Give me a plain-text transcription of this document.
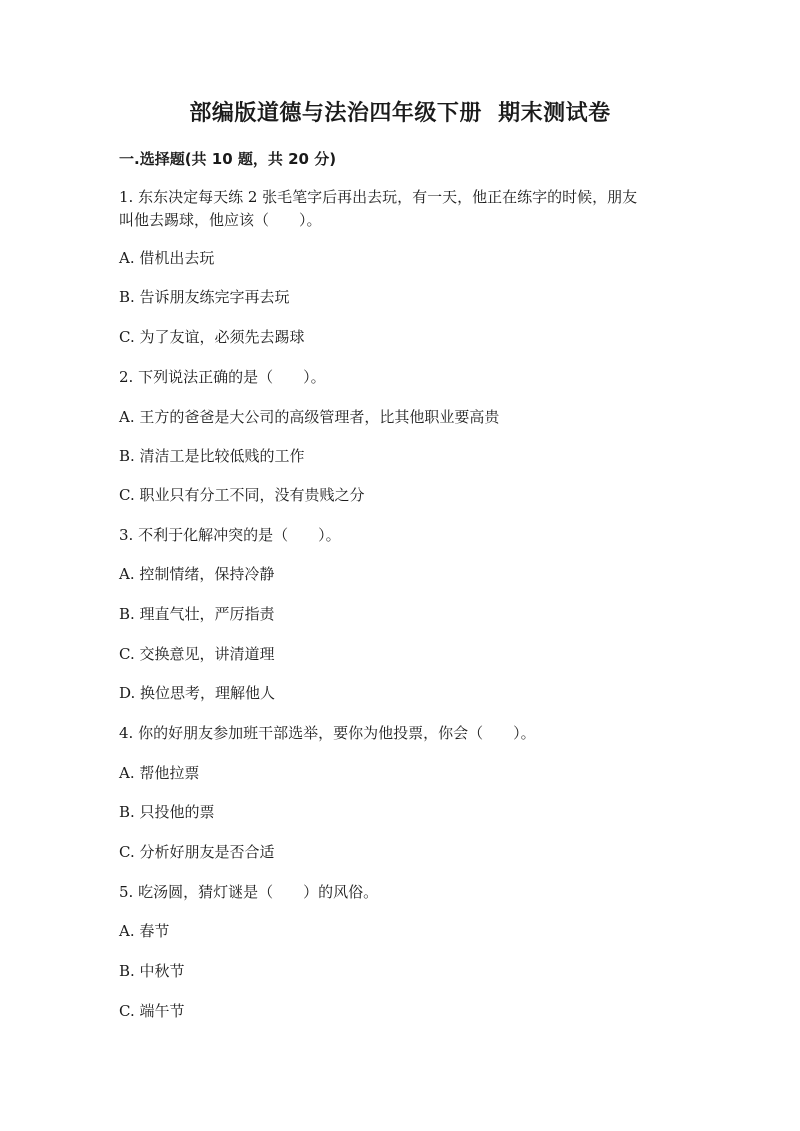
部编版道德与法治四年级下册  期末测试卷
一.选择题(共 10 题，共 20 分)
1. 东东决定每天练 2 张毛笔字后再出去玩，有一天，他正在练字的时候，朋友
叫他去踢球，他应该（　　）。
A. 借机出去玩
B. 告诉朋友练完字再去玩
C. 为了友谊，必须先去踢球
2. 下列说法正确的是（　　）。
A. 王方的爸爸是大公司的高级管理者，比其他职业要高贵
B. 清洁工是比较低贱的工作
C. 职业只有分工不同，没有贵贱之分
3. 不利于化解冲突的是（　　）。
A. 控制情绪，保持冷静
B. 理直气壮，严厉指责
C. 交换意见，讲清道理
D. 换位思考，理解他人
4. 你的好朋友参加班干部选举，要你为他投票，你会（　　）。
A. 帮他拉票
B. 只投他的票
C. 分析好朋友是否合适
5. 吃汤圆，猜灯谜是（　　）的风俗。
A. 春节
B. 中秋节
C. 端午节
